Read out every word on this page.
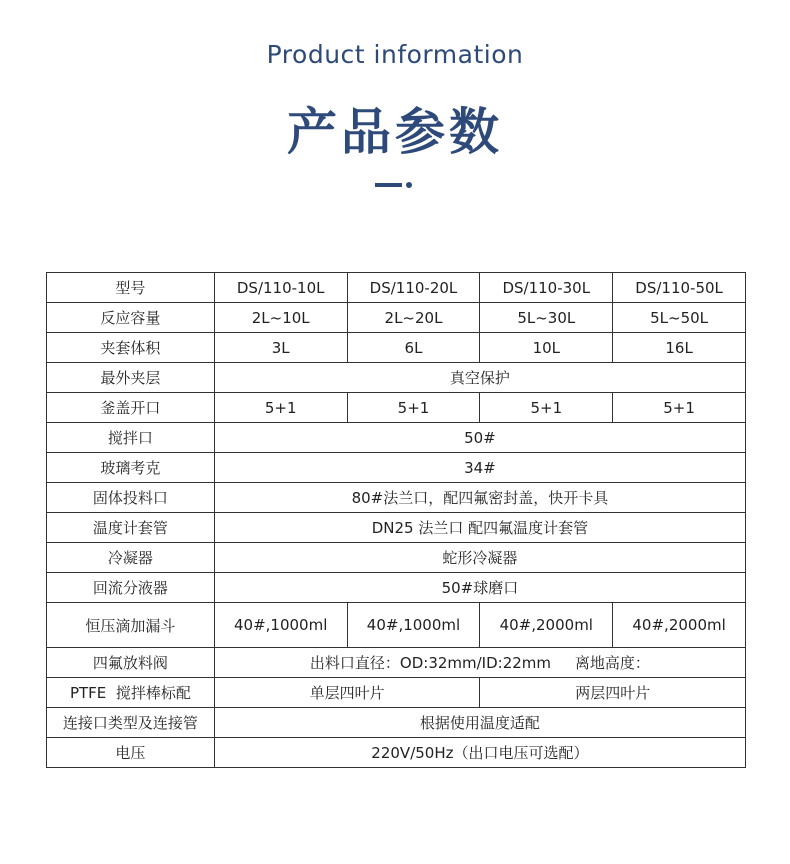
Product information
产品参数
型号	DS/110-10L	DS/110-20L	DS/110-30L	DS/110-50L
反应容量	2L~10L	2L~20L	5L~30L	5L~50L
夹套体积	3L	6L	10L	16L
最外夹层	真空保护			
釜盖开口	5+1	5+1	5+1	5+1
搅拌口	50#			
玻璃考克	34#			
固体投料口	80#法兰口，配四氟密封盖，快开卡具			
温度计套管	DN25 法兰口 配四氟温度计套管			
冷凝器	蛇形冷凝器			
回流分液器	50#球磨口			
恒压滴加漏斗	40#,1000ml	40#,1000ml	40#,2000ml	40#,2000ml
四氟放料阀	出料口直径：OD:32mm/ID:22mm     离地高度：			
PTFE  搅拌棒标配	单层四叶片		两层四叶片	
连接口类型及连接管	根据使用温度适配			
电压	220V/50Hz（出口电压可选配）			
